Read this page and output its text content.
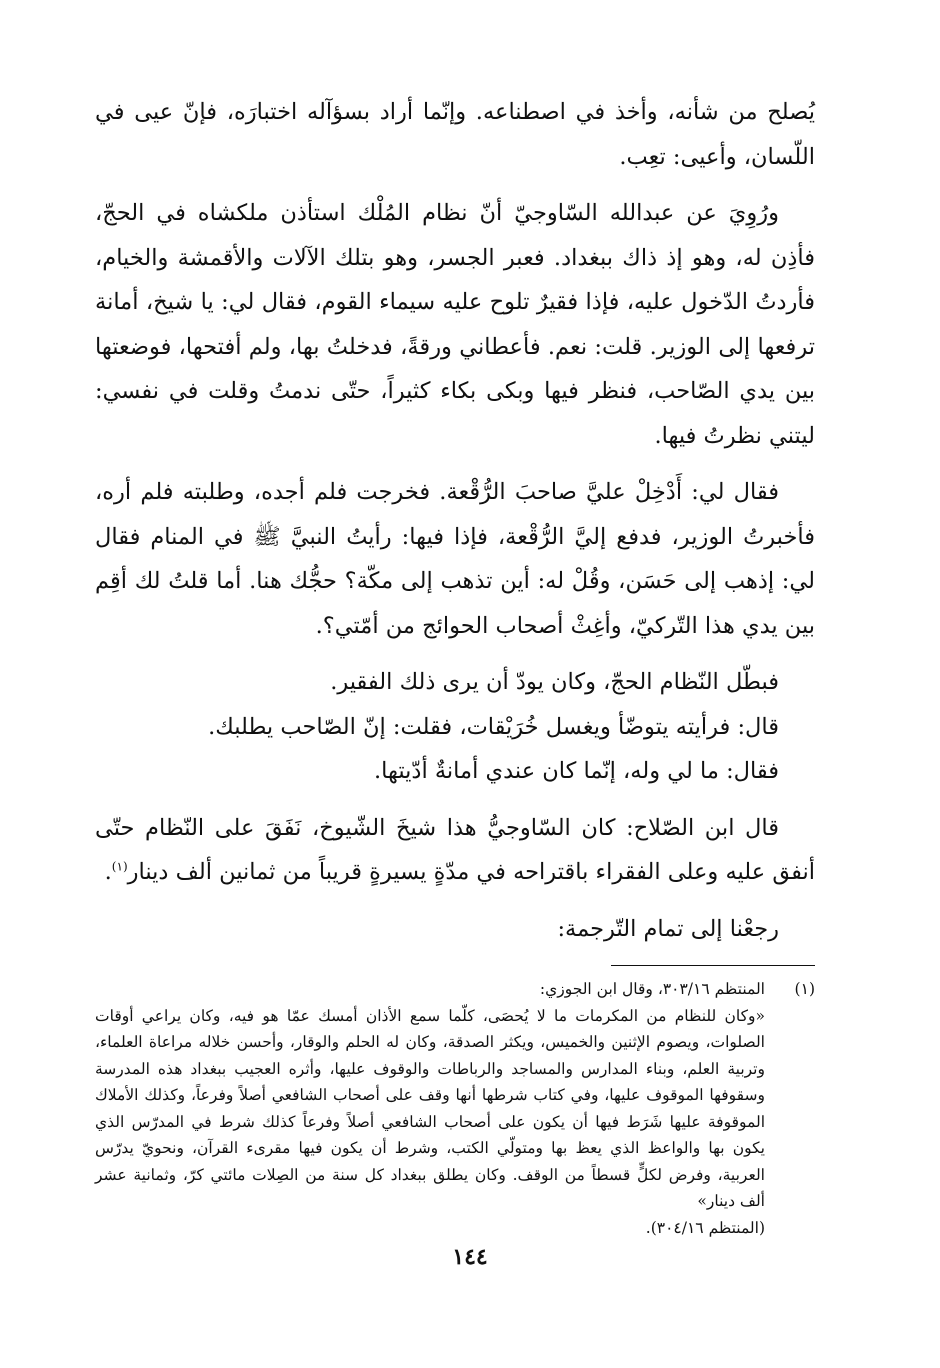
يُصلح من شأنه، وأخذ في اصطناعه. وإنّما أراد بسؤآله اختبارَه، فإنّ عيى في اللّسان، وأعيى: تعِب.

ورُوِيَ عن عبدالله السّاوجيّ أنّ نظام المُلْك استأذن ملكشاه في الحجّ، فأذِن له، وهو إذ ذاك ببغداد. فعبر الجسر، وهو بتلك الآلات والأقمشة والخيام، فأردتُ الدّخول عليه، فإذا فقيرٌ تلوح عليه سيماء القوم، فقال لي: يا شيخ، أمانة ترفعها إلى الوزير. قلت: نعم. فأعطاني ورقةً، فدخلتُ بها، ولم أفتحها، فوضعتها بين يدي الصّاحب، فنظر فيها وبكى بكاء كثيراً، حتّى ندمتُ وقلت في نفسي: ليتني نظرتُ فيها.

فقال لي: أَدْخِلْ عليَّ صاحبَ الرُّقْعة. فخرجت فلم أجده، وطلبته فلم أره، فأخبرتُ الوزير، فدفع إليَّ الرُّقْعة، فإذا فيها: رأيتُ النبيَّ ﷺ في المنام فقال لي: إذهب إلى حَسَن، وقُلْ له: أين تذهب إلى مكّة؟ حجُّك هنا. أما قلتُ لك أقِم بين يدي هذا التّركيّ، وأغِثْ أصحاب الحوائج من أمّتي؟.

فبطّل النّظام الحجّ، وكان يودّ أن يرى ذلك الفقير.

قال: فرأيته يتوضّأ ويغسل خُرَيْقات، فقلت: إنّ الصّاحب يطلبك.

فقال: ما لي وله، إنّما كان عندي أمانةٌ أدّيتها.

قال ابن الصّلاح: كان السّاوجيُّ هذا شيخَ الشّيوخ، نَفَقَ على النّظام حتّى أنفق عليه وعلى الفقراء باقتراحه في مدّةٍ يسيرةٍ قريباً من ثمانين ألف دينار$^{(١)}$.

رجعْنا إلى تمام التّرجمة:

(١)

المنتظم ٣٠٣/١٦، وقال ابن الجوزي:

«وكان للنظام من المكرمات ما لا يُحصَى، كلّما سمع الأذان أمسك عمّا هو فيه، وكان يراعي أوقات الصلوات، ويصوم الإثنين والخميس، ويكثر الصدقة، وكان له الحلم والوقار، وأحسن خلاله مراعاة العلماء، وتربية العلم، وبناء المدارس والمساجد والرباطات والوقوف عليها، وأثره العجيب ببغداد هذه المدرسة وسقوفها الموقوف عليها، وفي كتاب شرطها أنها وقف على أصحاب الشافعي أصلاً وفرعاً، وكذلك الأملاك الموقوفة عليها شَرَط فيها أن يكون على أصحاب الشافعي أصلاً وفرعاً كذلك شرط في المدرّس الذي يكون بها والواعظ الذي يعظ بها ومتولّي الكتب، وشرط أن يكون فيها مقرىء القرآن، ونحويّ يدرّس العربية، وفرض لكلٍّ قسطاً من الوقف. وكان يطلق ببغداد كل سنة من الصِلات مائتي كرّ، وثمانية عشر ألف دينار»

(المنتظم ٣٠٤/١٦).

١٤٤
